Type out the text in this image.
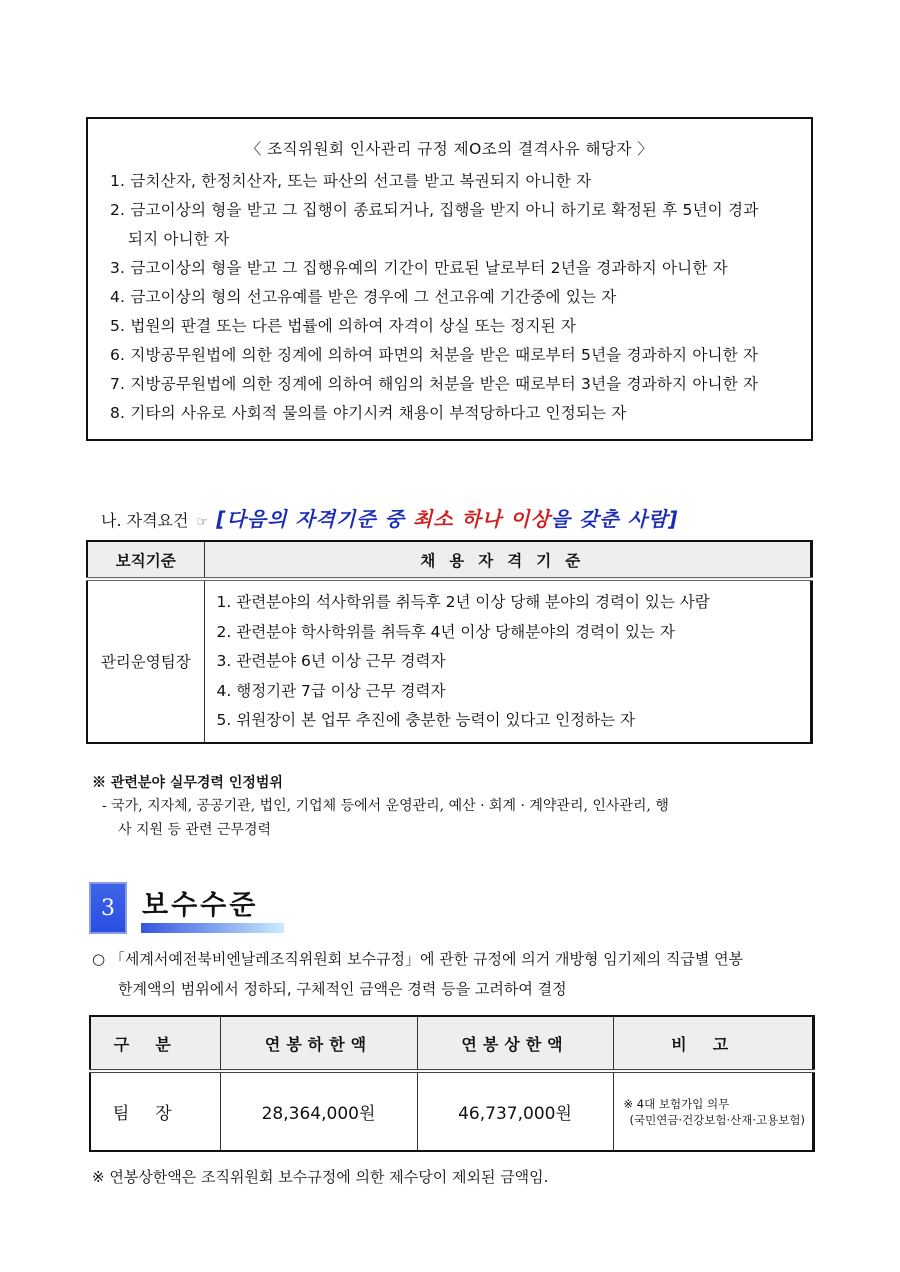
〈 조직위원회 인사관리 규정 제O조의 결격사유 해당자 〉
1. 금치산자, 한정치산자, 또는 파산의 선고를 받고 복권되지 아니한 자
2. 금고이상의 형을 받고 그 집행이 종료되거나, 집행을 받지 아니 하기로 확정된 후 5년이 경과
되지 아니한 자
3. 금고이상의 형을 받고 그 집행유예의 기간이 만료된 날로부터 2년을 경과하지 아니한 자
4. 금고이상의 형의 선고유예를 받은 경우에 그 선고유예 기간중에 있는 자
5. 법원의 판결 또는 다른 법률에 의하여 자격이 상실 또는 정지된 자
6. 지방공무원법에 의한 징계에 의하여 파면의 처분을 받은 때로부터 5년을 경과하지 아니한 자
7. 지방공무원법에 의한 징계에 의하여 해임의 처분을 받은 때로부터 3년을 경과하지 아니한 자
8. 기타의 사유로 사회적 물의를 야기시켜 채용이 부적당하다고 인정되는 자
나. 자격요건 ☞ [다음의 자격기준 중 최소 하나 이상을 갖춘 사람]
보직기준	채용자격기준
관리운영팀장	1. 관련분야의 석사학위를 취득후 2년 이상 당해 분야의 경력이 있는 사람
2. 관련분야 학사학위를 취득후 4년 이상 당해분야의 경력이 있는 자
3. 관련분야 6년 이상 근무 경력자
4. 행정기관 7급 이상 근무 경력자
5. 위원장이 본 업무 추진에 충분한 능력이 있다고 인정하는 자
※ 관련분야 실무경력 인정범위
- 국가, 지자체, 공공기관, 법인, 기업체 등에서 운영관리, 예산 · 회계 · 계약관리, 인사관리, 행
사 지원 등 관련 근무경력
3	보수수준
○ 「세계서예전북비엔날레조직위원회 보수규정」에 관한 규정에 의거 개방형 임기제의 직급별 연봉
한계액의 범위에서 정하되, 구체적인 금액은 경력 등을 고려하여 결정
구분	연봉하한액	연봉상한액	비고
팀장	28,364,000원	46,737,000원	※ 4대 보험가입 의무
(국민연금·건강보험·산재·고용보험)
※ 연봉상한액은 조직위원회 보수규정에 의한 제수당이 제외된 금액임.
